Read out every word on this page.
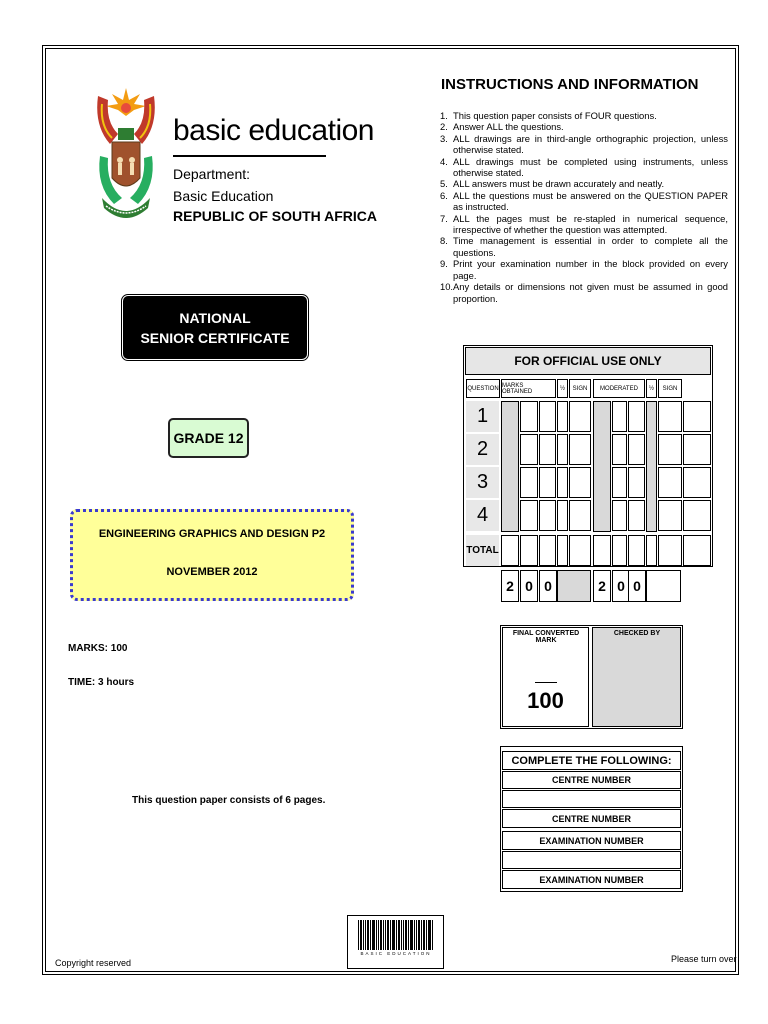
basic education
Department:
Basic Education
REPUBLIC OF SOUTH AFRICA
NATIONAL
SENIOR CERTIFICATE
GRADE 12
ENGINEERING GRAPHICS AND DESIGN P2
NOVEMBER 2012
MARKS: 100
TIME: 3 hours
This question paper consists of 6 pages.
Copyright reserved	Please turn over
INSTRUCTIONS AND INFORMATION
1. This question paper consists of FOUR questions.
2. Answer ALL the questions.
3. ALL drawings are in third-angle orthographic projection, unless otherwise stated.
4. ALL drawings must be completed using instruments, unless otherwise stated.
5. ALL answers must be drawn accurately and neatly.
6. ALL the questions must be answered on the QUESTION PAPER as instructed.
7. ALL the pages must be re-stapled in numerical sequence, irrespective of whether the question was attempted.
8. Time management is essential in order to complete all the questions.
9. Print your examination number in the block provided on every page.
10. Any details or dimensions not given must be assumed in good proportion.
FOR OFFICIAL USE ONLY
QUESTION MARKS OBTAINED	½	SIGN	MODERATED	½	SIGN
1
2
3
4
TOTAL
2 0 0	2 0 0
FINAL CONVERTED MARK
CHECKED BY
100
COMPLETE THE FOLLOWING:
CENTRE NUMBER
CENTRE NUMBER
EXAMINATION NUMBER
EXAMINATION NUMBER
BASIC EDUCATION
